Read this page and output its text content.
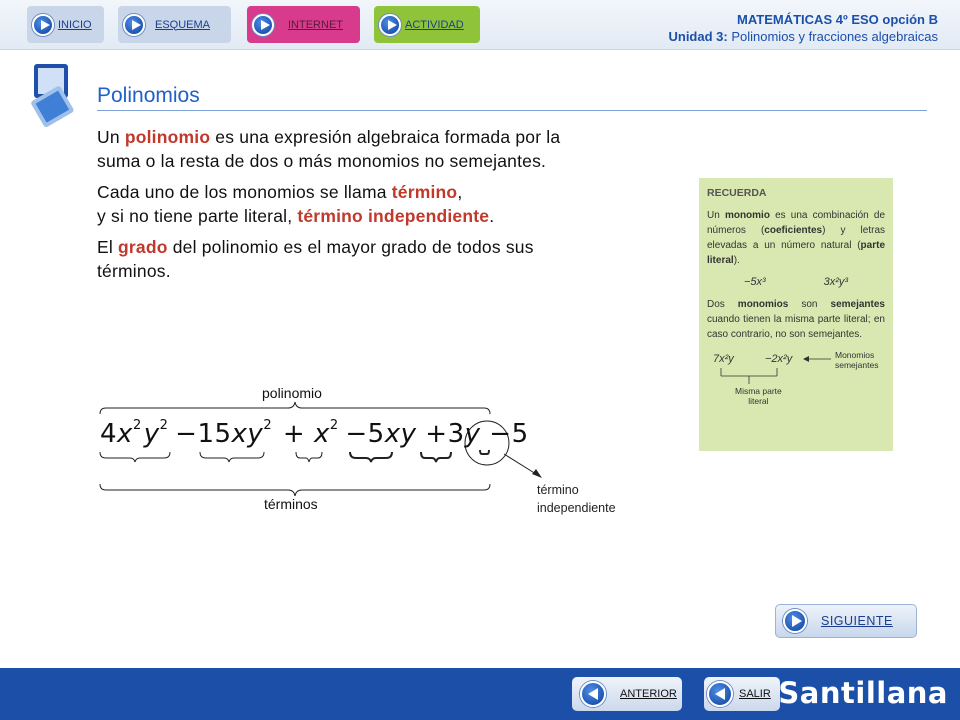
INICIO	ESQUEMA	INTERNET	ACTIVIDAD	MATEMÁTICAS 4º ESO opción B
Unidad 3: Polinomios y fracciones algebraicas
Polinomios

Un polinomio es una expresión algebraica formada por la suma o la resta de dos o más monomios no semejantes.

Cada uno de los monomios se llama término,
y si no tiene parte literal, término independiente.

El grado del polinomio es el mayor grado de todos sus términos.

polinomio
términos
$4x^2y^2 -15xy^2 + x^2 -5xy +3y -5$
término
independiente
RECUERDA
Un monomio es una combinación de números (coeficientes) y letras elevadas a un número natural (parte literal).
−5x³	3x²y³
Dos monomios son semejantes cuando tienen la misma parte literal; en caso contrario, no son semejantes.
7x²y	−2x²y	Monomios
semejantes
Misma parte
literal
SIGUIENTE
ANTERIOR	SALIR Santillana
